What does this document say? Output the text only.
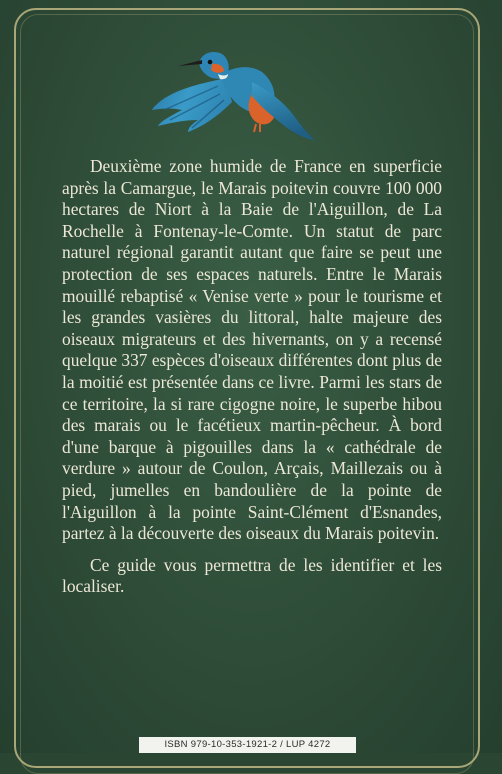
Deuxième zone humide de France en superficie après la Camargue, le Marais poitevin couvre 100 000 hectares de Niort à la Baie de l'Aiguillon, de La Rochelle à Fontenay-le-Comte. Un statut de parc naturel régional garantit autant que faire se peut une protection de ses espaces naturels. Entre le Marais mouillé rebaptisé « Venise verte » pour le tourisme et les grandes vasières du littoral, halte majeure des oiseaux migrateurs et des hivernants, on y a recensé quelque 337 espèces d'oiseaux différentes dont plus de la moitié est présentée dans ce livre. Parmi les stars de ce territoire, la si rare cigogne noire, le superbe hibou des marais ou le facétieux martin-pêcheur. À bord d'une barque à pigouilles dans la « cathédrale de verdure » autour de Coulon, Arçais, Maillezais ou à pied, jumelles en bandoulière de la pointe de l'Aiguillon à la pointe Saint-Clément d'Esnandes, partez à la découverte des oiseaux du Marais poitevin.

Ce guide vous permettra de les identifier et les localiser.

ISBN 979-10-353-1921-2 / LUP 4272
